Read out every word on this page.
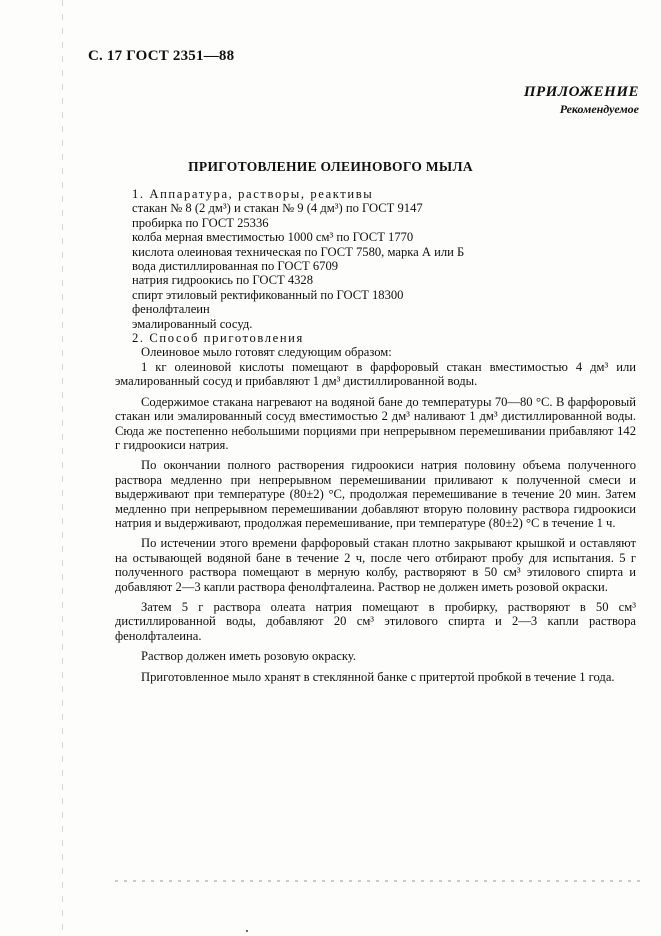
С. 17 ГОСТ 2351—88
ПРИЛОЖЕНИЕ
Рекомендуемое
ПРИГОТОВЛЕНИЕ ОЛЕИНОВОГО МЫЛА

1. Аппаратура, растворы, реактивы

стакан № 8 (2 дм³) и стакан № 9 (4 дм³) по ГОСТ 9147

пробирка по ГОСТ 25336

колба мерная вместимостью 1000 см³ по ГОСТ 1770

кислота олеиновая техническая по ГОСТ 7580, марка А или Б

вода дистиллированная по ГОСТ 6709

натрия гидроокись по ГОСТ 4328

спирт этиловый ректификованный по ГОСТ 18300

фенолфталеин

эмалированный сосуд.

2. Способ приготовления

Олеиновое мыло готовят следующим образом:

1 кг олеиновой кислоты помещают в фарфоровый стакан вместимостью 4 дм³ или эмалированный сосуд и прибавляют 1 дм³ дистиллированной воды.

Содержимое стакана нагревают на водяной бане до температуры 70—80 °С. В фарфоровый стакан или эмалированный сосуд вместимостью 2 дм³ наливают 1 дм³ дистиллированной воды. Сюда же постепенно небольшими порциями при непрерывном перемешивании прибавляют 142 г гидроокиси натрия.

По окончании полного растворения гидроокиси натрия половину объема полученного раствора медленно при непрерывном перемешивании приливают к полученной смеси и выдерживают при температуре (80±2) °С, продолжая перемешивание в течение 20 мин. Затем медленно при непрерывном перемешивании добавляют вторую половину раствора гидроокиси натрия и выдерживают, продолжая перемешивание, при температуре (80±2) °С в течение 1 ч.

По истечении этого времени фарфоровый стакан плотно закрывают крышкой и оставляют на остывающей водяной бане в течение 2 ч, после чего отбирают пробу для испытания. 5 г полученного раствора помещают в мерную колбу, растворяют в 50 см³ этилового спирта и добавляют 2—3 капли раствора фенолфталеина. Раствор не должен иметь розовой окраски.

Затем 5 г раствора олеата натрия помещают в пробирку, растворяют в 50 см³ дистиллированной воды, добавляют 20 см³ этилового спирта и 2—3 капли раствора фенолфталеина.

Раствор должен иметь розовую окраску.

Приготовленное мыло хранят в стеклянной банке с притертой пробкой в течение 1 года.
